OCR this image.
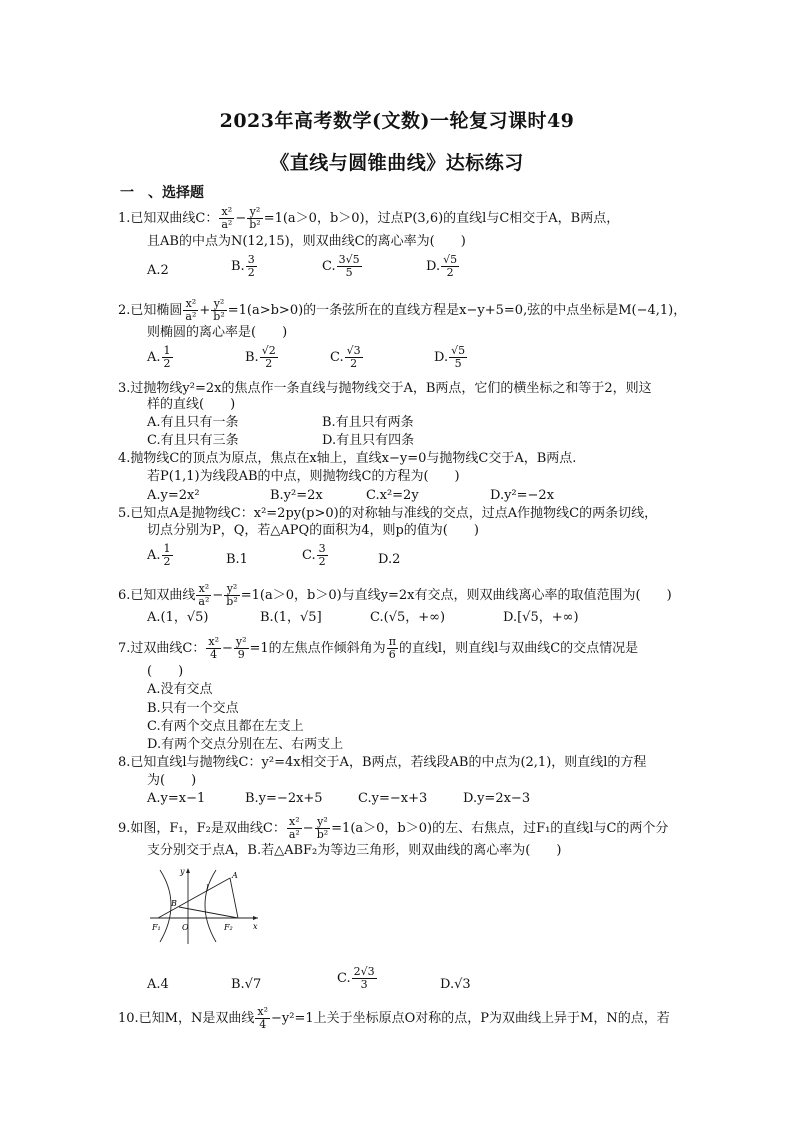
2023年高考数学(文数)一轮复习课时49
《直线与圆锥曲线》达标练习
一　、选择题
1.已知双曲线C： $\frac{\text{x²}}{\text{a²}} - \frac{\text{y²}}{\text{b²}} =1(a>0$，b＞0)，过点P(3,6)的直线l与C相交于A，B两点，
且AB的中点为N(12,15)，则双曲线C的离心率为(　　)
A.2	B. $\frac{3}{2}$	C. $\frac{3√5}{5}$	D. $\frac{√5}{2}$
2.已知椭圆 $\frac{\text{x²}}{\text{a²}} + \frac{\text{y²}}{\text{b²}} =1(a>b>0)$的一条弦所在的直线方程是x−y+5=0,弦的中点坐标是M(−4,1)，
则椭圆的离心率是(　　)
A. $\frac{1}{2}$	B. $\frac{√2}{2}$	C. $\frac{√3}{2}$	D. $\frac{√5}{5}$
3.过抛物线y²=2x的焦点作一条直线与抛物线交于A，B两点，它们的横坐标之和等于2，则这
样的直线(　　)
A.有且只有一条	B.有且只有两条
C.有且只有三条	D.有且只有四条
4.抛物线C的顶点为原点，焦点在x轴上，直线x−y=0与抛物线C交于A，B两点.
若P(1,1)为线段AB的中点，则抛物线C的方程为(　　)
A.y=2x²	B.y²=2x	C.x²=2y	D.y²=−2x
5.已知点A是抛物线C：x²=2py(p>0)的对称轴与准线的交点，过点A作抛物线C的两条切线，
切点分别为P，Q，若△APQ的面积为4，则p的值为(　　)
A. $\frac{1}{2}$	B.1	C. $\frac{3}{2}$	D.2
6.已知双曲线 $\frac{\text{x²}}{\text{a²}} - \frac{\text{y²}}{\text{b²}} =1(a>0$，b＞0)与直线y=2x有交点，则双曲线离心率的取值范围为(　　)
A.(1，√5)	B.(1，√5]	C.(√5，+∞)	D.[√5，+∞)
7.过双曲线C： $\frac{\text{x²}}{4} - \frac{\text{y²}}{9} =1$的左焦点作倾斜角为 $\frac{\pi}{6}$ 的直线l，则直线l与双曲线C的交点情况是
(　　)
A.没有交点
B.只有一个交点
C.有两个交点且都在左支上
D.有两个交点分别在左、右两支上
8.已知直线l与抛物线C：y²=4x相交于A，B两点，若线段AB的中点为(2,1)，则直线l的方程
为(　　)
A.y=x−1	B.y=−2x+5	C.y=−x+3	D.y=2x−3
9.如图，F₁，F₂是双曲线C： $\frac{\text{x²}}{\text{a²}} - \frac{\text{y²}}{\text{b²}} =1(a>0$，b＞0)的左、右焦点，过F₁的直线l与C的两个分
支分别交于点A，B.若△ABF₂为等边三角形，则双曲线的离心率为(　　)
y	A
B
l
O
F₁	F₂	x
A.4	B.√7	C. $\frac{2√3}{3}$	D.√3
10.已知M，N是双曲线 $\frac{\text{x²}}{4} -y^2=1$上关于坐标原点O对称的点，P为双曲线上异于M，N的点，若
